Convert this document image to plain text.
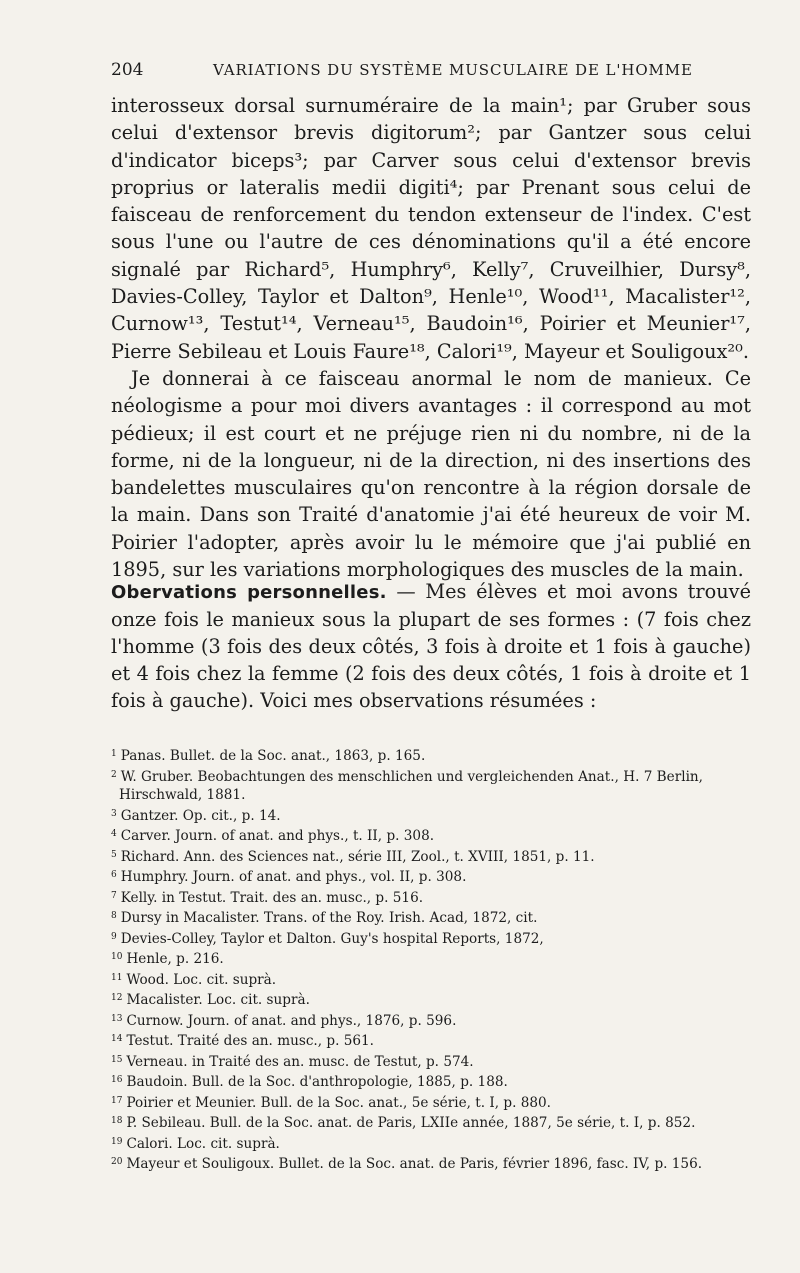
204	VARIATIONS DU SYSTÈME MUSCULAIRE DE L'HOMME

interosseux dorsal surnuméraire de la main¹; par Gruber sous celui d'extensor brevis digitorum²; par Gantzer sous celui d'indicator biceps³; par Carver sous celui d'extensor brevis proprius or lateralis medii digiti⁴; par Prenant sous celui de faisceau de renforcement du tendon extenseur de l'index. C'est sous l'une ou l'autre de ces dénominations qu'il a été encore signalé par Richard⁵, Humphry⁶, Kelly⁷, Cruveilhier, Dursy⁸, Davies-Colley, Taylor et Dalton⁹, Henle¹⁰, Wood¹¹, Macalister¹², Curnow¹³, Testut¹⁴, Verneau¹⁵, Baudoin¹⁶, Poirier et Meunier¹⁷, Pierre Sebileau et Louis Faure¹⁸, Calori¹⁹, Mayeur et Souligoux²⁰.

Je donnerai à ce faisceau anormal le nom de manieux. Ce néologisme a pour moi divers avantages : il correspond au mot pédieux; il est court et ne préjuge rien ni du nombre, ni de la forme, ni de la longueur, ni de la direction, ni des insertions des bandelettes musculaires qu'on rencontre à la région dorsale de la main. Dans son Traité d'anatomie j'ai été heureux de voir M. Poirier l'adopter, après avoir lu le mémoire que j'ai publié en 1895, sur les variations morphologiques des muscles de la main.

Obervations personnelles. — Mes élèves et moi avons trouvé onze fois le manieux sous la plupart de ses formes : (7 fois chez l'homme (3 fois des deux côtés, 3 fois à droite et 1 fois à gauche) et 4 fois chez la femme (2 fois des deux côtés, 1 fois à droite et 1 fois à gauche). Voici mes observations résumées :

$^1$ Panas. Bullet. de la Soc. anat., 1863, p. 165.

$^2$ W. Gruber. Beobachtungen des menschlichen und vergleichenden Anat., H. 7 Berlin, Hirschwald, 1881.

$^3$ Gantzer. Op. cit., p. 14.

$^4$ Carver. Journ. of anat. and phys., t. II, p. 308.

$^5$ Richard. Ann. des Sciences nat., série III, Zool., t. XVIII, 1851, p. 11.

$^6$ Humphry. Journ. of anat. and phys., vol. II, p. 308.

$^7$ Kelly. in Testut. Trait. des an. musc., p. 516.

$^8$ Dursy in Macalister. Trans. of the Roy. Irish. Acad, 1872, cit.

$^9$ Devies-Colley, Taylor et Dalton. Guy's hospital Reports, 1872,

$^{10}$ Henle, p. 216.

$^{11}$ Wood. Loc. cit. suprà.

$^{12}$ Macalister. Loc. cit. suprà.

$^{13}$ Curnow. Journ. of anat. and phys., 1876, p. 596.

$^{14}$ Testut. Traité des an. musc., p. 561.

$^{15}$ Verneau. in Traité des an. musc. de Testut, p. 574.

$^{16}$ Baudoin. Bull. de la Soc. d'anthropologie, 1885, p. 188.

$^{17}$ Poirier et Meunier. Bull. de la Soc. anat., 5e série, t. I, p. 880.

$^{18}$ P. Sebileau. Bull. de la Soc. anat. de Paris, LXIIe année, 1887, 5e série, t. I, p. 852.

$^{19}$ Calori. Loc. cit. suprà.

$^{20}$ Mayeur et Souligoux. Bullet. de la Soc. anat. de Paris, février 1896, fasc. IV, p. 156.
